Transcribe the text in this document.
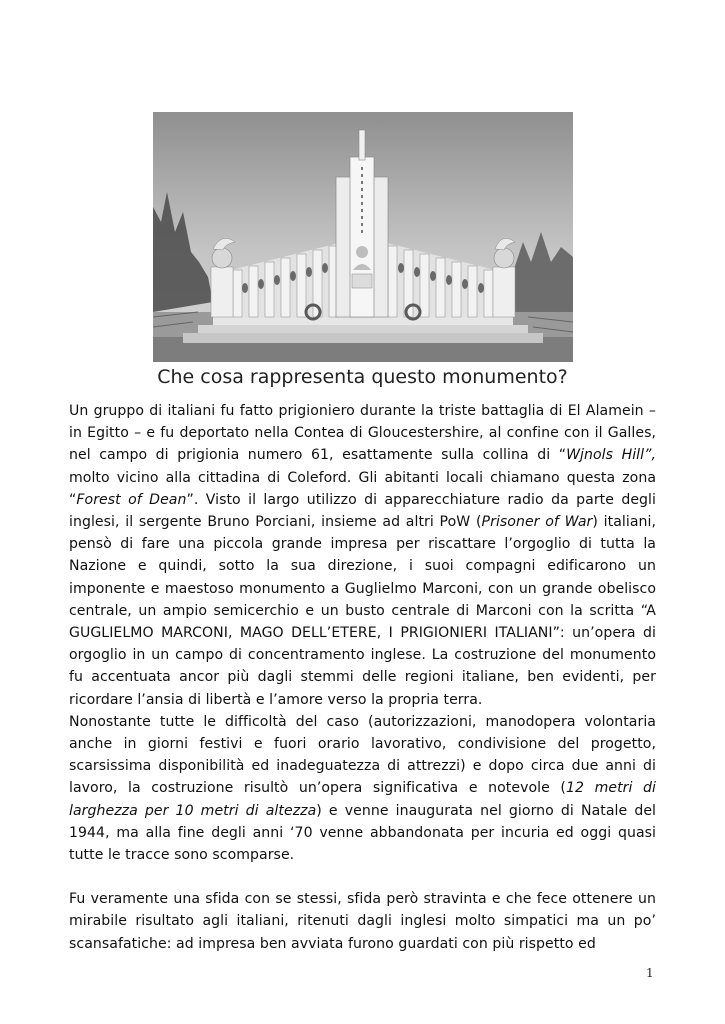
Che cosa rappresenta questo monumento?

Un gruppo di italiani fu fatto prigioniero durante la triste battaglia di El Alamein – in Egitto – e fu deportato nella Contea di Gloucestershire, al confine con il Galles, nel campo di prigionia numero 61, esattamente sulla collina di “Wjnols Hill”, molto vicino alla cittadina di Coleford. Gli abitanti locali chiamano questa zona “Forest of Dean”. Visto il largo utilizzo di apparecchiature radio da parte degli inglesi, il sergente Bruno Porciani, insieme ad altri PoW (Prisoner of War) italiani, pensò di fare una piccola grande impresa per riscattare l’orgoglio di tutta la Nazione e quindi, sotto la sua direzione, i suoi compagni edificarono un imponente e maestoso monumento a Guglielmo Marconi, con un grande obelisco centrale, un ampio semicerchio e un busto centrale di Marconi con la scritta “A GUGLIELMO MARCONI, MAGO DELL’ETERE, I PRIGIONIERI ITALIANI”: un’opera di orgoglio in un campo di concentramento inglese. La costruzione del monumento fu accentuata ancor più dagli stemmi delle regioni italiane, ben evidenti, per ricordare l’ansia di libertà e l’amore verso la propria terra.

Nonostante tutte le difficoltà del caso (autorizzazioni, manodopera volontaria anche in giorni festivi e fuori orario lavorativo, condivisione del progetto, scarsissima disponibilità ed inadeguatezza di attrezzi) e dopo circa due anni di lavoro, la costruzione risultò un’opera significativa e notevole (12 metri di larghezza per 10 metri di altezza) e venne inaugurata nel giorno di Natale del 1944, ma alla fine degli anni ‘70 venne abbandonata per incuria ed oggi quasi tutte le tracce sono scomparse.

Fu veramente una sfida con se stessi, sfida però stravinta e che fece ottenere un mirabile risultato agli italiani, ritenuti dagli inglesi molto simpatici ma un po’ scansafatiche: ad impresa ben avviata furono guardati con più rispetto ed

1
